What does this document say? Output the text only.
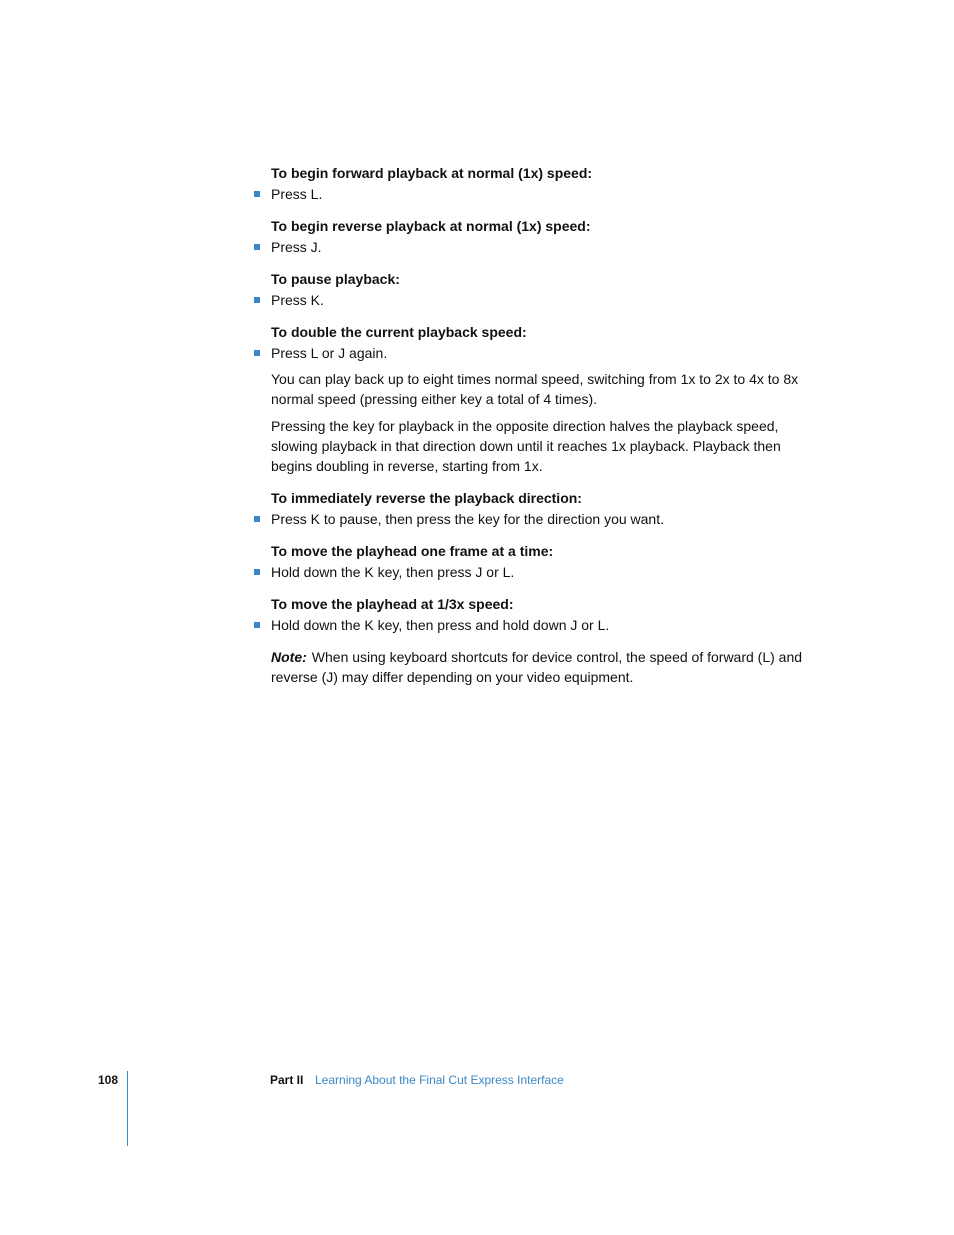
To begin forward playback at normal (1x) speed:

Press L.

To begin reverse playback at normal (1x) speed:

Press J.

To pause playback:

Press K.

To double the current playback speed:

Press L or J again.

You can play back up to eight times normal speed, switching from 1x to 2x to 4x to 8x normal speed (pressing either key a total of 4 times).

Pressing the key for playback in the opposite direction halves the playback speed, slowing playback in that direction down until it reaches 1x playback. Playback then begins doubling in reverse, starting from 1x.

To immediately reverse the playback direction:

Press K to pause, then press the key for the direction you want.

To move the playhead one frame at a time:

Hold down the K key, then press J or L.

To move the playhead at 1/3x speed:

Hold down the K key, then press and hold down J or L.

Note: When using keyboard shortcuts for device control, the speed of forward (L) and reverse (J) may differ depending on your video equipment.

108	Part II Learning About the Final Cut Express Interface
